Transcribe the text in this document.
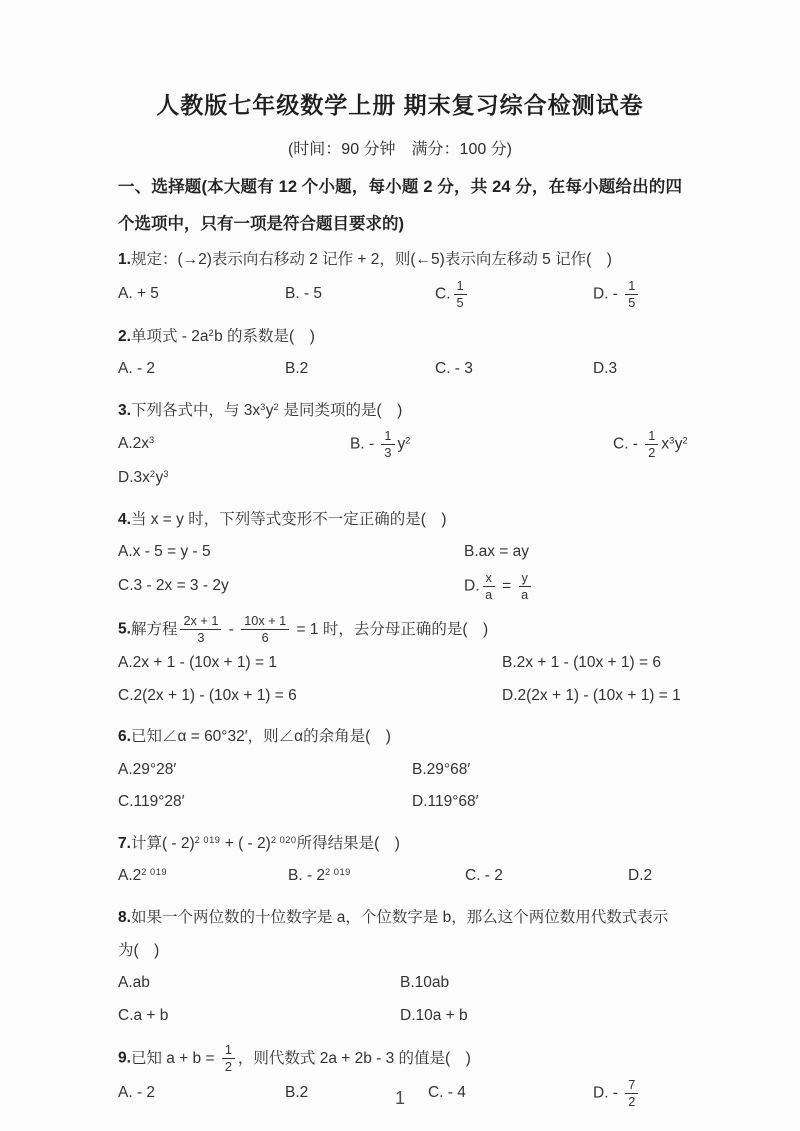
人教版七年级数学上册 期末复习综合检测试卷
(时间：90 分钟　满分：100 分)
一、选择题(本大题有 12 个小题，每小题 2 分，共 24 分，在每小题给出的四个选项中，只有一项是符合题目要求的)

1.规定：(→2)表示向右移动 2 记作 + 2，则(←5)表示向左移动 5 记作(　)

A. + 5	B. - 5	C. $\frac{1}{5}$	D. - $\frac{1}{5}$

2.单项式 - $2a^2b$ 的系数是(　)

A. - 2	B.2	C. - 3	D.3

3.下列各式中，与 $3x^3y^2$ 是同类项的是(　)

$A.2x^3$	B. - $\frac{1}{3} y^2$	C. - $\frac{1}{2} x^3y^2$
$D.3x^2y^3$

4.当 x = y 时，下列等式变形不一定正确的是(　)

A.x - 5 = y - 5	B.ax = ay
C.3 - 2x = 3 - 2y	D. $\frac{x}{a} = \frac{y}{a}$

5.解方程 $\frac{2x + 1}{3} - \frac{10x + 1}{6} = 1$ 时，去分母正确的是(　)

A.2x + 1 - (10x + 1) = 1	B.2x + 1 - (10x + 1) = 6
C.2(2x + 1) - (10x + 1) = 6	D.2(2x + 1) - (10x + 1) = 1

6.已知∠α = 60°32′，则∠α的余角是(　)

A.29°28′	B.29°68′
C.119°28′	D.119°68′

7.计算( - 2)$^{2 019}$ + ( - 2)$^{2 020}$所得结果是(　)

$A.2^{2 019}$	B. - $2^{2 019}$	C. - 2	D.2

8.如果一个两位数的十位数字是 a，个位数字是 b，那么这个两位数用代数式表示为(　)

A.ab	B.10ab
C.a + b	D.10a + b

9.已知 $a + b = \frac{1}{2}$ ，则代数式 2a + 2b - 3 的值是(　)

A. - 2	B.2	C. - 4	D. - $\frac{7}{2}$
1
